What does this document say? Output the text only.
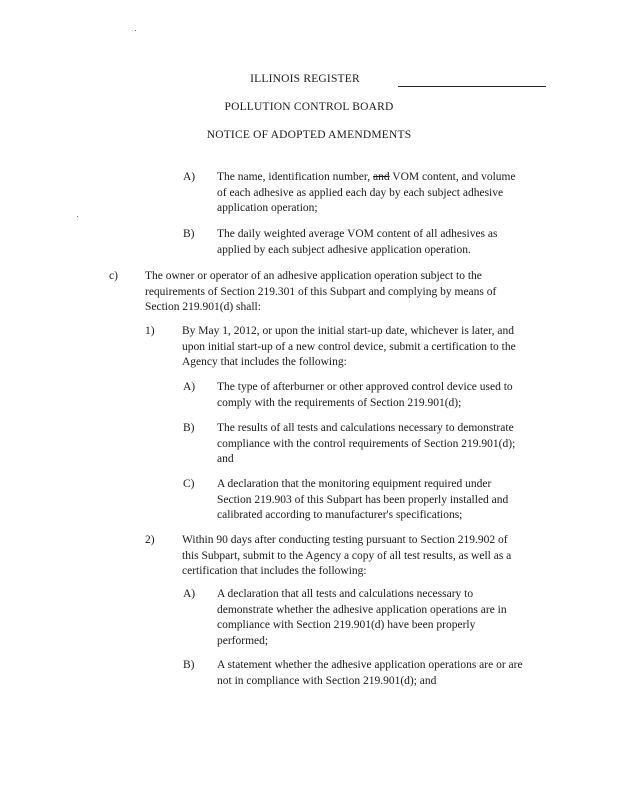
ILLINOIS REGISTER
POLLUTION CONTROL BOARD
NOTICE OF ADOPTED AMENDMENTS
A) The name, identification number, and VOM content, and volume
of each adhesive as applied each day by each subject adhesive
application operation;
B) The daily weighted average VOM content of all adhesives as
applied by each subject adhesive application operation.
c) The owner or operator of an adhesive application operation subject to the
requirements of Section 219.301 of this Subpart and complying by means of
Section 219.901(d) shall:
1) By May 1, 2012, or upon the initial start-up date, whichever is later, and
upon initial start-up of a new control device, submit a certification to the
Agency that includes the following:
A) The type of afterburner or other approved control device used to
comply with the requirements of Section 219.901(d);
B) The results of all tests and calculations necessary to demonstrate
compliance with the control requirements of Section 219.901(d);
and
C) A declaration that the monitoring equipment required under
Section 219.903 of this Subpart has been properly installed and
calibrated according to manufacturer's specifications;
2) Within 90 days after conducting testing pursuant to Section 219.902 of
this Subpart, submit to the Agency a copy of all test results, as well as a
certification that includes the following:
A) A declaration that all tests and calculations necessary to
demonstrate whether the adhesive application operations are in
compliance with Section 219.901(d) have been properly
performed;
B) A statement whether the adhesive application operations are or are
not in compliance with Section 219.901(d); and
